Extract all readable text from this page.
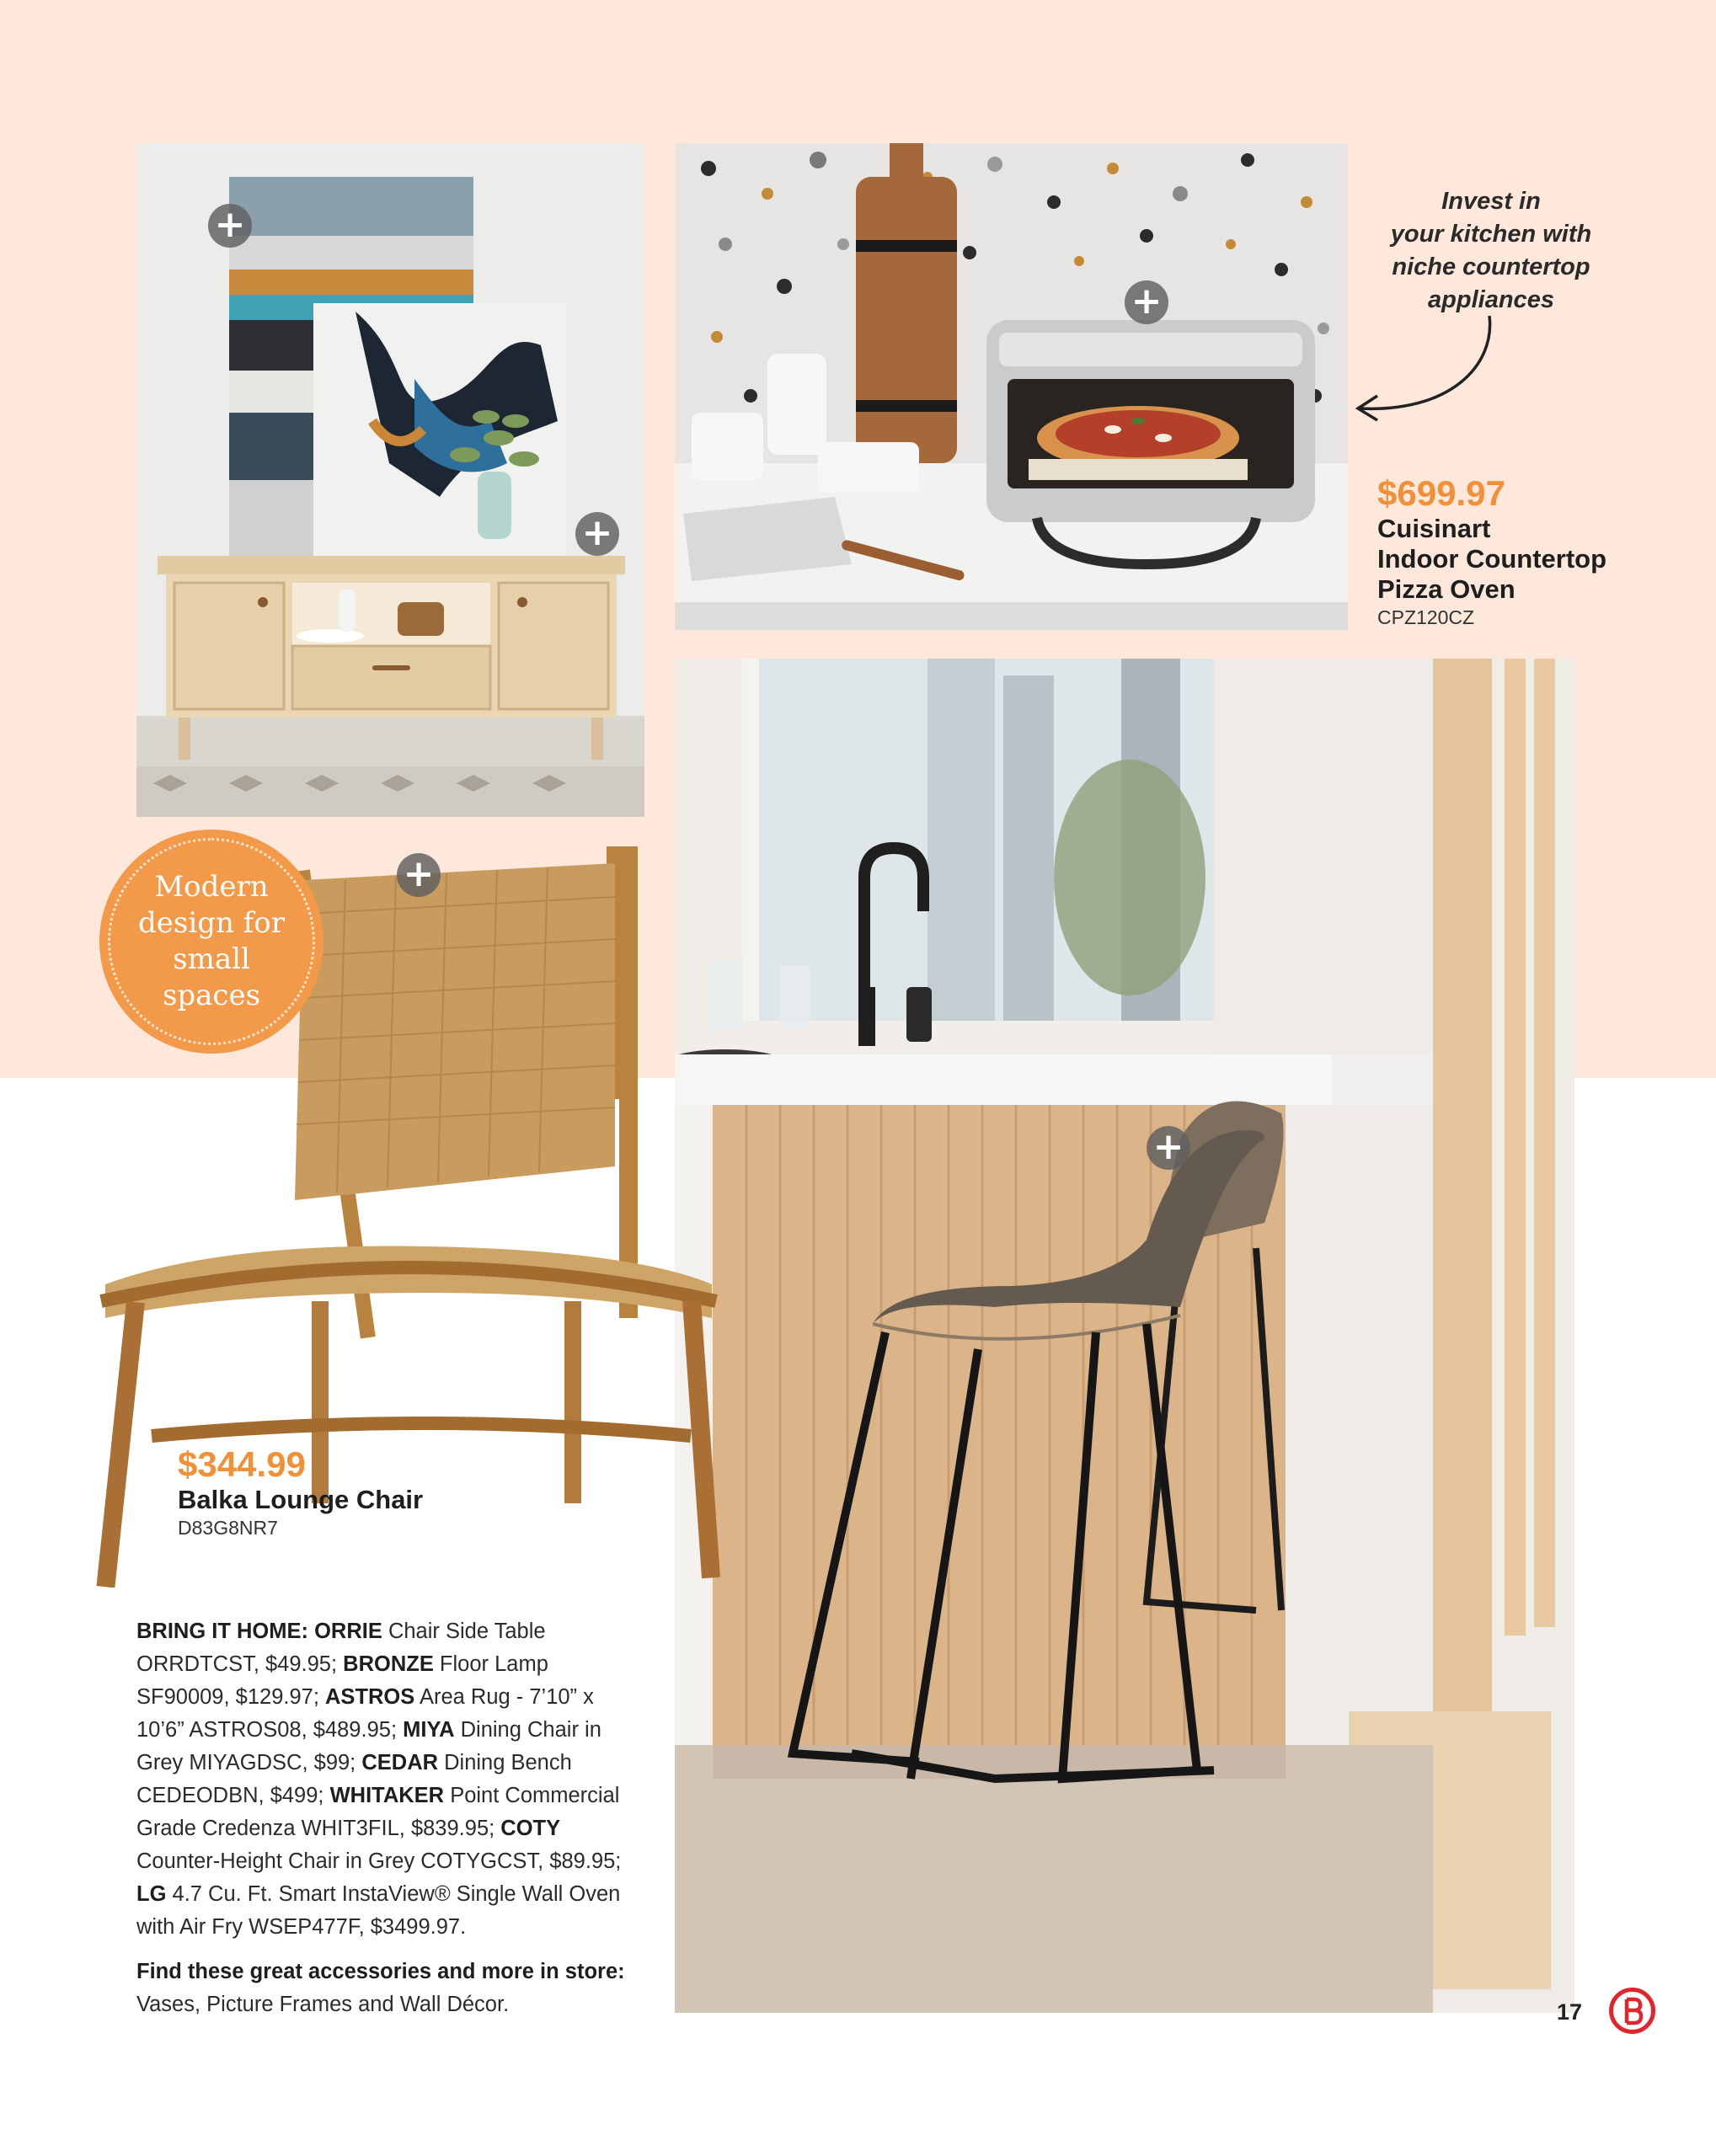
+
+
+
Invest in
your kitchen with
niche countertop
appliances
$699.97
Cuisinart
Indoor Countertop
Pizza Oven
CPZ120CZ
+
+
Modern design for small spaces
$344.99
Balka Lounge Chair
D83G8NR7

BRING IT HOME: ORRIE Chair Side Table ORRDTCST, $49.95; BRONZE Floor Lamp SF90009, $129.97; ASTROS Area Rug - 7’10” x 10’6” ASTROS08, $489.95; MIYA Dining Chair in Grey MIYAGDSC, $99; CEDAR Dining Bench CEDEODBN, $499; WHITAKER Point Commercial Grade Credenza WHIT3FIL, $839.95; COTY Counter-Height Chair in Grey COTYGCST, $89.95; LG 4.7 Cu. Ft. Smart InstaView® Single Wall Oven with Air Fry WSEP477F, $3499.97.

Find these great accessories and more in store:
Vases, Picture Frames and Wall Décor.	17
